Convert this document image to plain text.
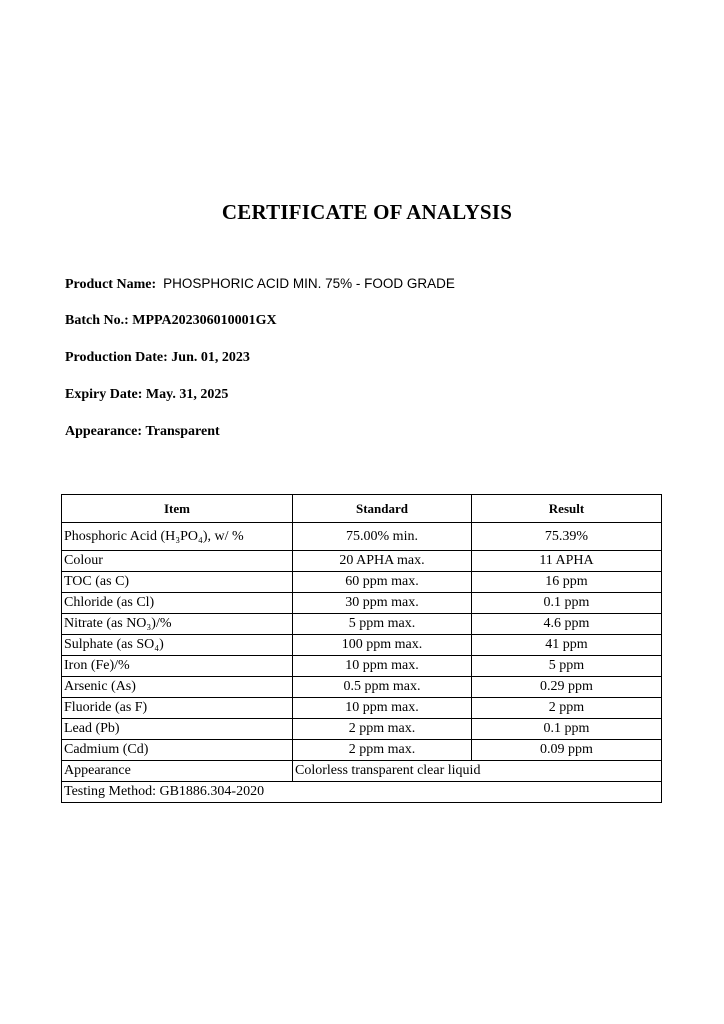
CERTIFICATE OF ANALYSIS
Product Name: PHOSPHORIC ACID MIN. 75% - FOOD GRADE
Batch No.: MPPA202306010001GX
Production Date: Jun. 01, 2023
Expiry Date: May. 31, 2025
Appearance: Transparent
Item	Standard	Result
Phosphoric Acid (H₃PO₄), w/ %	75.00% min.	75.39%
Colour	20 APHA max.	11 APHA
TOC (as C)	60 ppm max.	16 ppm
Chloride (as Cl)	30 ppm max.	0.1 ppm
Nitrate (as NO₃)/%	5 ppm max.	4.6 ppm
Sulphate (as SO₄)	100 ppm max.	41 ppm
Iron (Fe)/%	10 ppm max.	5 ppm
Arsenic (As)	0.5 ppm max.	0.29 ppm
Fluoride (as F)	10 ppm max.	2 ppm
Lead (Pb)	2 ppm max.	0.1 ppm
Cadmium (Cd)	2 ppm max.	0.09 ppm
Appearance	Colorless transparent clear liquid	
Testing Method: GB1886.304-2020		
